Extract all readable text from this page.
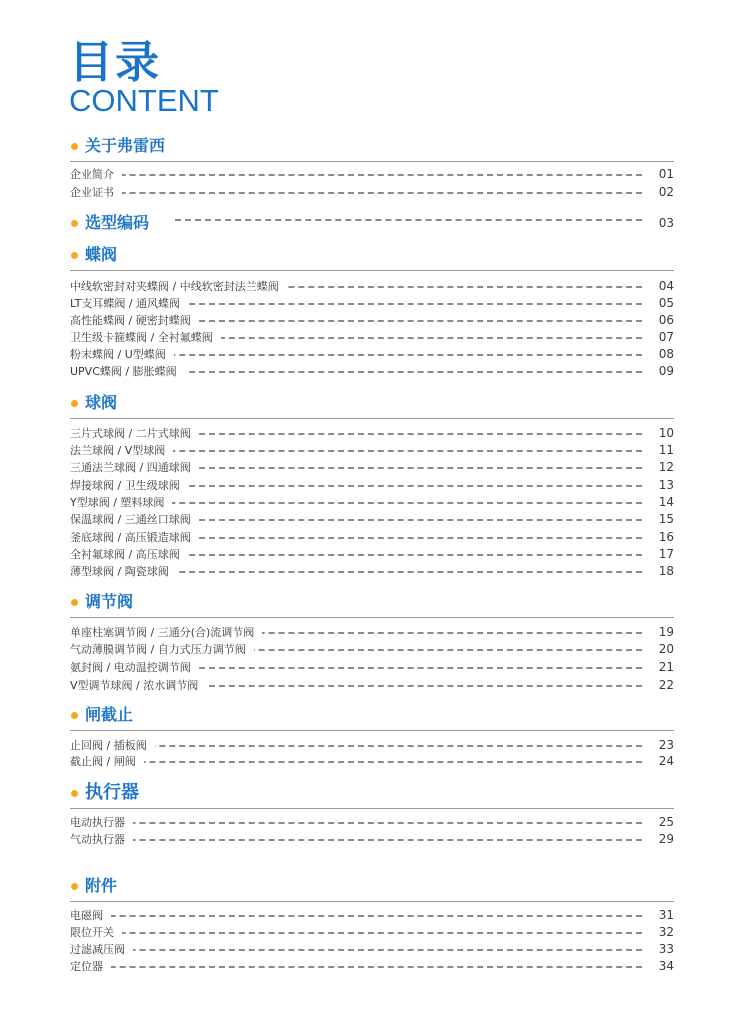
目录
CONTENT
关于弗雷西
企业简介	01
企业证书	02
选型编码	03
蝶阀
中线软密封对夹蝶阀 / 中线软密封法兰蝶阀	04
LT支耳蝶阀 / 通风蝶阀	05
高性能蝶阀 / 硬密封蝶阀	06
卫生级卡箍蝶阀 / 全衬氟蝶阀	07
粉末蝶阀 / U型蝶阀	08
UPVC蝶阀 / 膨胀蝶阀	09
球阀
三片式球阀 / 二片式球阀	10
法兰球阀 / V型球阀	11
三通法兰球阀 / 四通球阀	12
焊接球阀 / 卫生级球阀	13
Y型球阀 / 塑料球阀	14
保温球阀 / 三通丝口球阀	15
釜底球阀 / 高压锻造球阀	16
全衬氟球阀 / 高压球阀	17
薄型球阀 / 陶瓷球阀	18
调节阀
单座柱塞调节阀 / 三通分(合)流调节阀	19
气动薄膜调节阀 / 自力式压力调节阀	20
氨封阀 / 电动温控调节阀	21
V型调节球阀 / 浓水调节阀	22
闸截止
止回阀 / 插板阀	23
截止阀 / 闸阀	24
执行器
电动执行器	25
气动执行器	29
附件
电磁阀	31
限位开关	32
过滤减压阀	33
定位器	34
